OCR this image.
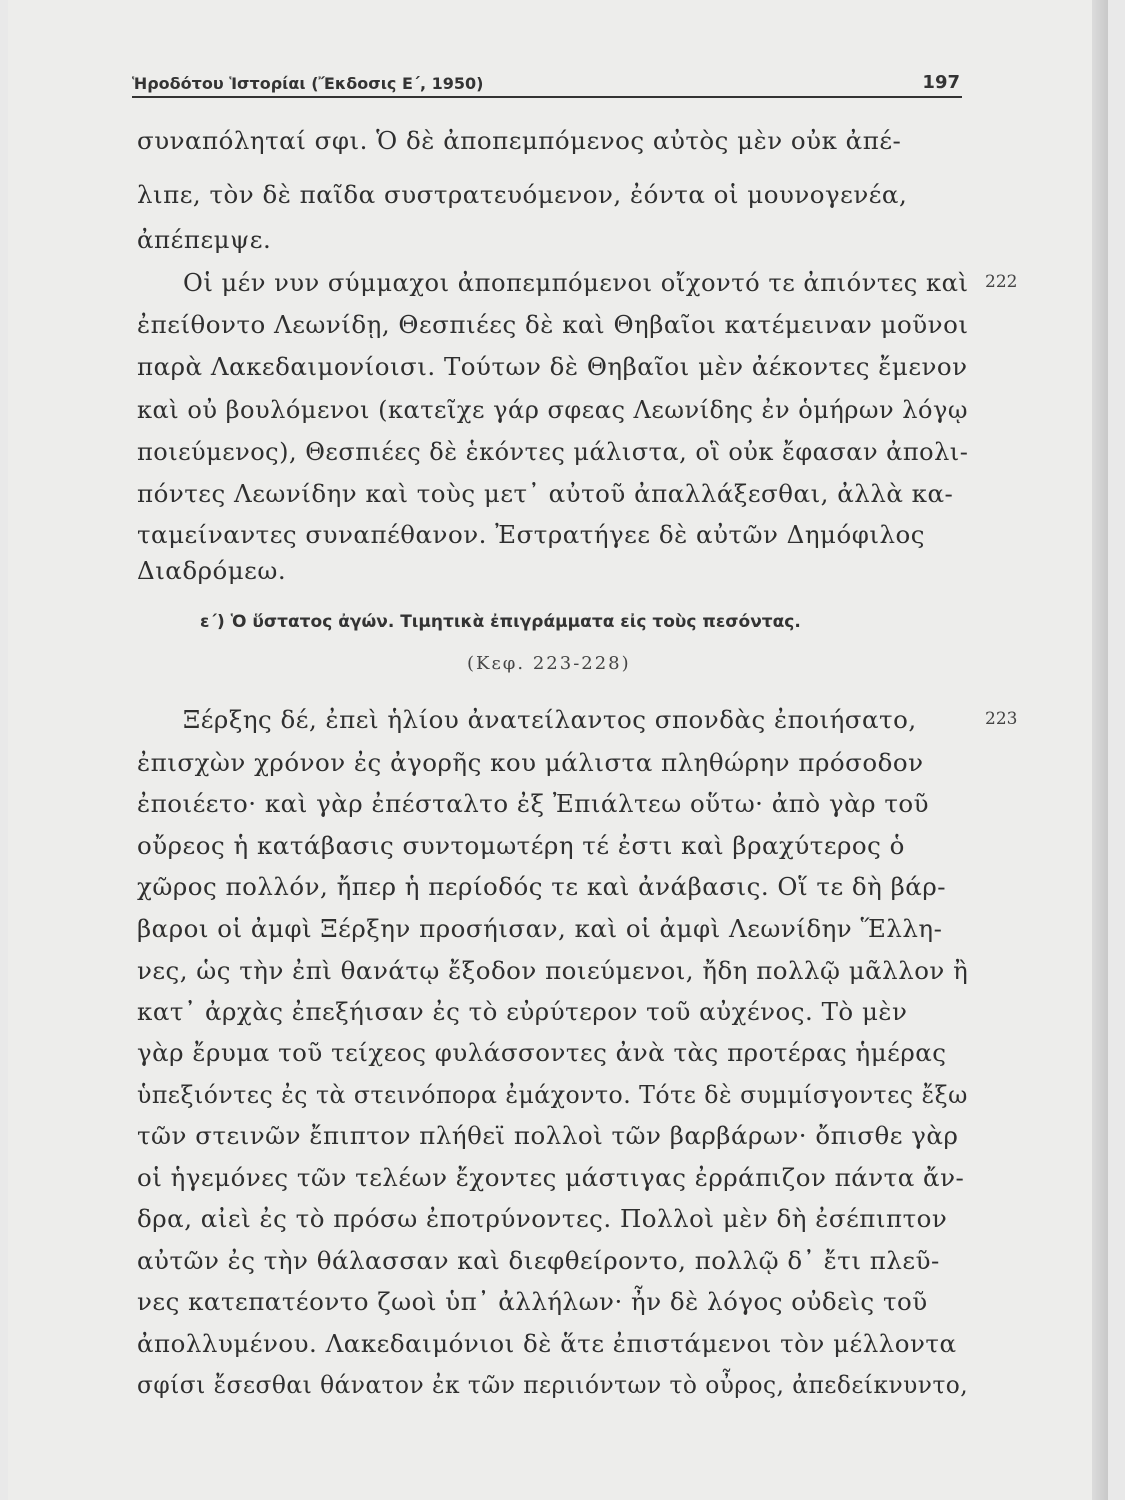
Ἡροδότου Ἱστορίαι (Ἔκδοσις Ε΄, 1950)	197
συναπόληταί σφι. Ὁ δὲ ἀποπεμπόμενος αὐτὸς μὲν οὐκ ἀπέ-
λιπε, τὸν δὲ παῖδα συστρατευόμενον, ἐόντα οἱ μουνογενέα,
ἀπέπεμψε.
Οἱ μέν νυν σύμμαχοι ἀποπεμπόμενοι οἴχοντό τε ἀπιόντες καὶ 222
ἐπείθοντο Λεωνίδῃ, Θεσπιέες δὲ καὶ Θηβαῖοι κατέμειναν μοῦνοι
παρὰ Λακεδαιμονίοισι. Τούτων δὲ Θηβαῖοι μὲν ἀέκοντες ἔμενον
καὶ οὐ βουλόμενοι (κατεῖχε γάρ σφεας Λεωνίδης ἐν ὁμήρων λόγῳ
ποιεύμενος), Θεσπιέες δὲ ἑκόντες μάλιστα, οἳ οὐκ ἔφασαν ἀπολι-
πόντες Λεωνίδην καὶ τοὺς μετ᾽ αὐτοῦ ἀπαλλάξεσθαι, ἀλλὰ κα-
ταμείναντες συναπέθανον. Ἐστρατήγεε δὲ αὐτῶν Δημόφιλος
Διαδρόμεω.
ε΄) Ὁ ὕστατος ἀγών. Τιμητικὰ ἐπιγράμματα εἰς τοὺς πεσόντας.
(Κεφ. 223-228)
Ξέρξης δέ, ἐπεὶ ἡλίου ἀνατείλαντος σπονδὰς ἐποιήσατο,	223
ἐπισχὼν χρόνον ἐς ἀγορῆς κου μάλιστα πληθώρην πρόσοδον
ἐποιέετο· καὶ γὰρ ἐπέσταλτο ἐξ Ἐπιάλτεω οὕτω· ἀπὸ γὰρ τοῦ
οὔρεος ἡ κατάβασις συντομωτέρη τέ ἐστι καὶ βραχύτερος ὁ
χῶρος πολλόν, ἤπερ ἡ περίοδός τε καὶ ἀνάβασις. Οἵ τε δὴ βάρ-
βαροι οἱ ἀμφὶ Ξέρξην προσήισαν, καὶ οἱ ἀμφὶ Λεωνίδην Ἕλλη-
νες, ὡς τὴν ἐπὶ θανάτῳ ἔξοδον ποιεύμενοι, ἤδη πολλῷ μᾶλλον ἢ
κατ᾽ ἀρχὰς ἐπεξήισαν ἐς τὸ εὐρύτερον τοῦ αὐχένος. Τὸ μὲν
γὰρ ἔρυμα τοῦ τείχεος φυλάσσοντες ἀνὰ τὰς προτέρας ἡμέρας
ὑπεξιόντες ἐς τὰ στεινόπορα ἐμάχοντο. Τότε δὲ συμμίσγοντες ἔξω
τῶν στεινῶν ἔπιπτον πλήθεϊ πολλοὶ τῶν βαρβάρων· ὄπισθε γὰρ
οἱ ἡγεμόνες τῶν τελέων ἔχοντες μάστιγας ἐρράπιζον πάντα ἄν-
δρα, αἰεὶ ἐς τὸ πρόσω ἐποτρύνοντες. Πολλοὶ μὲν δὴ ἐσέπιπτον
αὐτῶν ἐς τὴν θάλασσαν καὶ διεφθείροντο, πολλῷ δ᾽ ἔτι πλεῦ-
νες κατεπατέοντο ζωοὶ ὑπ᾽ ἀλλήλων· ἦν δὲ λόγος οὐδεὶς τοῦ
ἀπολλυμένου. Λακεδαιμόνιοι δὲ ἅτε ἐπιστάμενοι τὸν μέλλοντα
σφίσι ἔσεσθαι θάνατον ἐκ τῶν περιιόντων τὸ οὖρος, ἀπεδείκνυντο,
